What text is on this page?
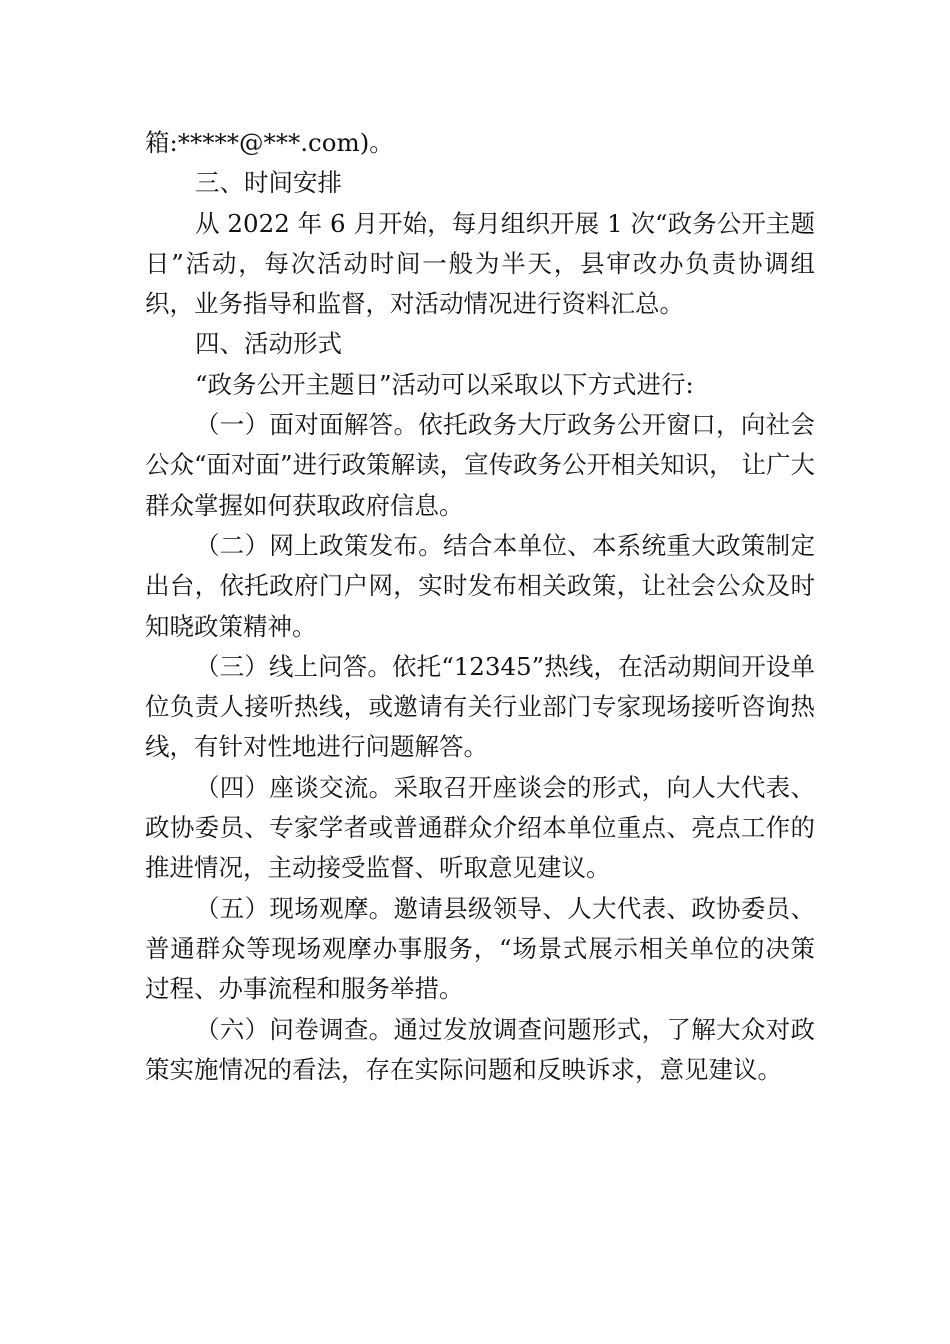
箱:*****@***.com)。

三、时间安排

从 2022 年 6 月开始，每月组织开展 1 次“政务公开主题日”活动，每次活动时间一般为半天，县审改办负责协调组织，业务指导和监督，对活动情况进行资料汇总。

四、活动形式

“政务公开主题日”活动可以采取以下方式进行:

（一）面对面解答。依托政务大厅政务公开窗口，向社会公众“面对面”进行政策解读，宣传政务公开相关知识， 让广大群众掌握如何获取政府信息。

（二）网上政策发布。结合本单位、本系统重大政策制定出台，依托政府门户网，实时发布相关政策，让社会公众及时知晓政策精神。

（三）线上问答。依托“12345”热线，在活动期间开设单位负责人接听热线，或邀请有关行业部门专家现场接听咨询热线，有针对性地进行问题解答。

（四）座谈交流。采取召开座谈会的形式，向人大代表、政协委员、专家学者或普通群众介绍本单位重点、亮点工作的推进情况，主动接受监督、听取意见建议。

（五）现场观摩。邀请县级领导、人大代表、政协委员、普通群众等现场观摩办事服务，“场景式展示相关单位的决策过程、办事流程和服务举措。

（六）问卷调查。通过发放调查问题形式，了解大众对政策实施情况的看法，存在实际问题和反映诉求，意见建议。
